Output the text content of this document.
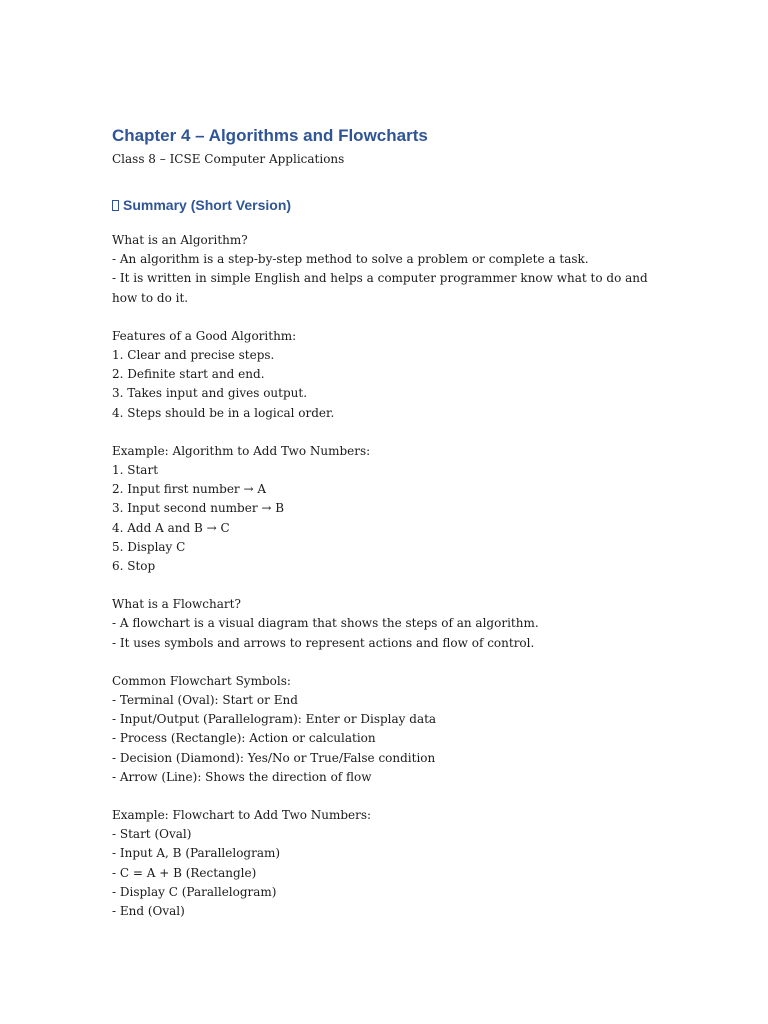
Chapter 4 – Algorithms and Flowcharts

Class 8 – ICSE Computer Applications

Summary (Short Version)

What is an Algorithm?

- An algorithm is a step-by-step method to solve a problem or complete a task.

- It is written in simple English and helps a computer programmer know what to do and how to do it.

Features of a Good Algorithm:

1. Clear and precise steps.

2. Definite start and end.

3. Takes input and gives output.

4. Steps should be in a logical order.

Example: Algorithm to Add Two Numbers:

1. Start

2. Input first number → A

3. Input second number → B

4. Add A and B → C

5. Display C

6. Stop

What is a Flowchart?

- A flowchart is a visual diagram that shows the steps of an algorithm.

- It uses symbols and arrows to represent actions and flow of control.

Common Flowchart Symbols:

- Terminal (Oval): Start or End

- Input/Output (Parallelogram): Enter or Display data

- Process (Rectangle): Action or calculation

- Decision (Diamond): Yes/No or True/False condition

- Arrow (Line): Shows the direction of flow

Example: Flowchart to Add Two Numbers:

- Start (Oval)

- Input A, B (Parallelogram)

- C = A + B (Rectangle)

- Display C (Parallelogram)

- End (Oval)
